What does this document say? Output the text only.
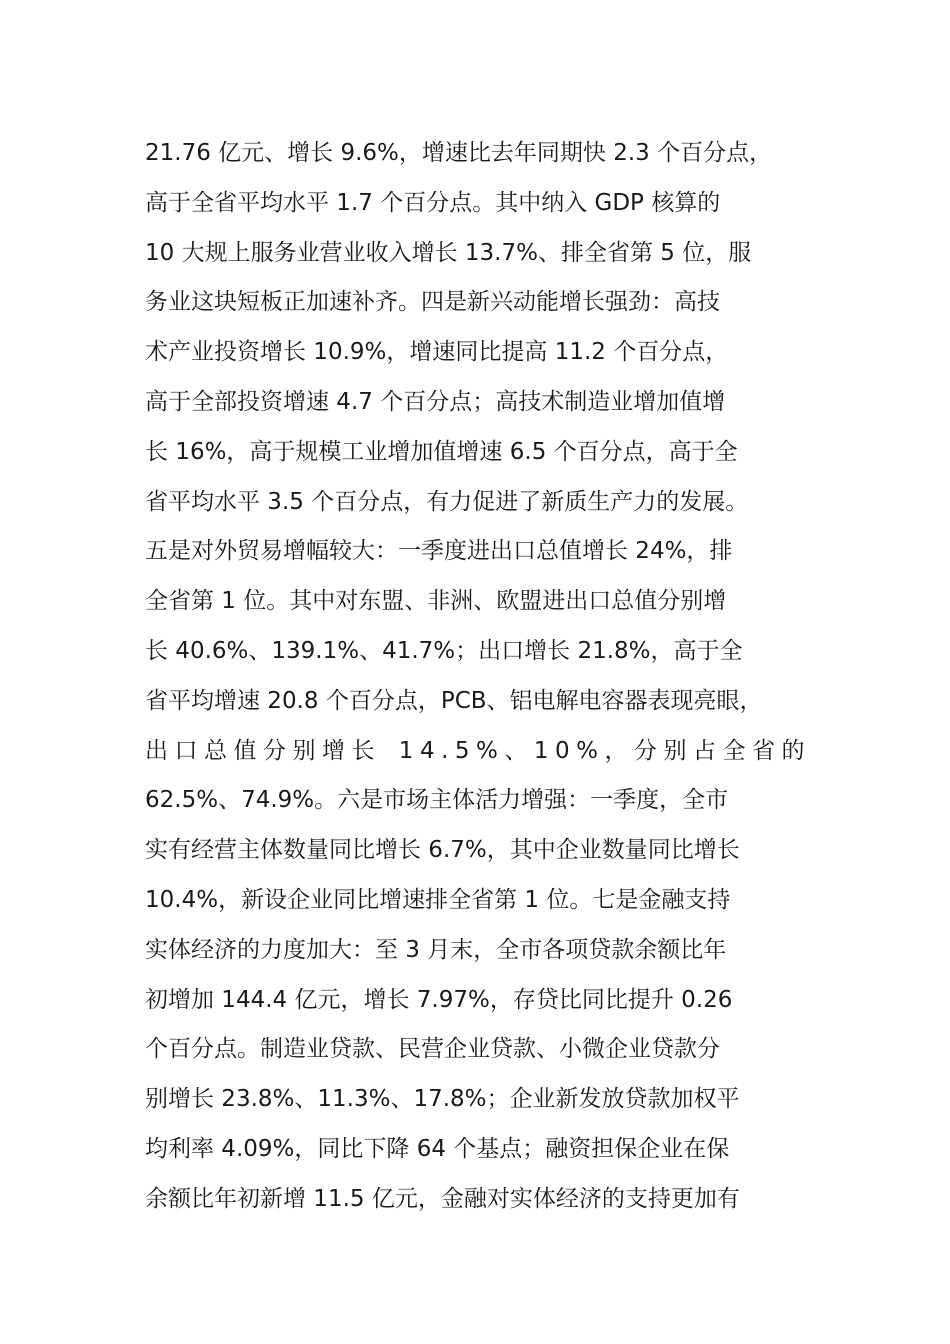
21.76 亿元、增长 9.6%，增速比去年同期快 2.3 个百分点，
高于全省平均水平 1.7 个百分点。其中纳入 GDP 核算的
10 大规上服务业营业收入增长 13.7%、排全省第 5 位，服
务业这块短板正加速补齐。四是新兴动能增长强劲：高技
术产业投资增长 10.9%，增速同比提高 11.2 个百分点，
高于全部投资增速 4.7 个百分点；高技术制造业增加值增
长 16%，高于规模工业增加值增速 6.5 个百分点，高于全
省平均水平 3.5 个百分点，有力促进了新质生产力的发展。
五是对外贸易增幅较大：一季度进出口总值增长 24%，排
全省第 1 位。其中对东盟、非洲、欧盟进出口总值分别增
长 40.6%、139.1%、41.7%；出口增长 21.8%，高于全
省平均增速 20.8 个百分点，PCB、铝电解电容器表现亮眼，
出口总值分别增长 14.5%、10%，分别占全省的
62.5%、74.9%。六是市场主体活力增强：一季度，全市
实有经营主体数量同比增长 6.7%，其中企业数量同比增长
10.4%，新设企业同比增速排全省第 1 位。七是金融支持
实体经济的力度加大：至 3 月末，全市各项贷款余额比年
初增加 144.4 亿元，增长 7.97%，存贷比同比提升 0.26
个百分点。制造业贷款、民营企业贷款、小微企业贷款分
别增长 23.8%、11.3%、17.8%；企业新发放贷款加权平
均利率 4.09%，同比下降 64 个基点；融资担保企业在保
余额比年初新增 11.5 亿元，金融对实体经济的支持更加有
